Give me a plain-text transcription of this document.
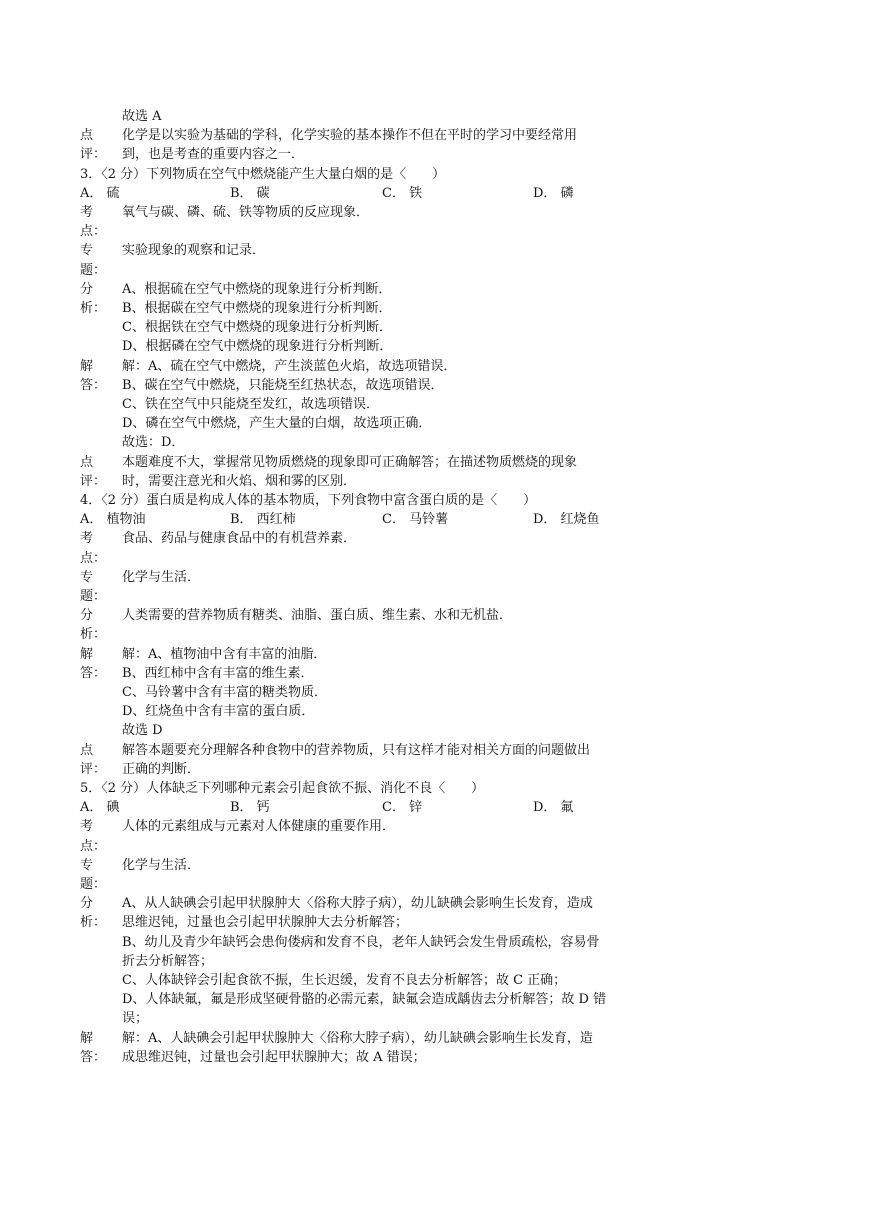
故选 A
点	化学是以实验为基础的学科，化学实验的基本操作不但在平时的学习中要经常用
评：	到，也是考查的重要内容之一．
3．〈2 分）下列物质在空气中燃烧能产生大量白烟的是〈　　）
A． 硫	B． 碳	C． 铁	D． 磷
考	氧气与碳、磷、硫、铁等物质的反应现象．
点：
专	实验现象的观察和记录．
题：
分	A、根据硫在空气中燃烧的现象进行分析判断．
析：	B、根据碳在空气中燃烧的现象进行分析判断．
C、根据铁在空气中燃烧的现象进行分析判断．
D、根据磷在空气中燃烧的现象进行分析判断．
解	解：A、硫在空气中燃烧，产生淡蓝色火焰，故选项错误．
答：	B、碳在空气中燃烧，只能烧至红热状态，故选项错误．
C、铁在空气中只能烧至发红，故选项错误．
D、磷在空气中燃烧，产生大量的白烟，故选项正确．
故选：D．
点	本题难度不大，掌握常见物质燃烧的现象即可正确解答；在描述物质燃烧的现象
评：	时，需要注意光和火焰、烟和雾的区别．
4．〈2 分）蛋白质是构成人体的基本物质，下列食物中富含蛋白质的是〈　　）
A． 植物油	B． 西红柿	C． 马铃薯	D． 红烧鱼
考	食品、药品与健康食品中的有机营养素．
点：
专	化学与生活．
题：
分	人类需要的营养物质有糖类、油脂、蛋白质、维生素、水和无机盐．
析：
解	解：A、植物油中含有丰富的油脂．
答：	B、西红柿中含有丰富的维生素．
C、马铃薯中含有丰富的糖类物质．
D、红烧鱼中含有丰富的蛋白质．
故选 D
点	解答本题要充分理解各种食物中的营养物质，只有这样才能对相关方面的问题做出
评：	正确的判断．
5．〈2 分）人体缺乏下列哪种元素会引起食欲不振、消化不良〈　　）
A． 碘	B． 钙	C． 锌	D． 氟
考	人体的元素组成与元素对人体健康的重要作用．
点：
专	化学与生活．
题：
分	A、从人缺碘会引起甲状腺肿大〈俗称大脖子病），幼儿缺碘会影响生长发育，造成
析：	思维迟钝，过量也会引起甲状腺肿大去分析解答；
B、幼儿及青少年缺钙会患佝偻病和发育不良，老年人缺钙会发生骨质疏松，容易骨
折去分析解答；
C、人体缺锌会引起食欲不振，生长迟缓，发育不良去分析解答；故 C 正确；
D、人体缺氟，氟是形成坚硬骨骼的必需元素，缺氟会造成龋齿去分析解答；故 D 错
误；
解	解：A、人缺碘会引起甲状腺肿大〈俗称大脖子病），幼儿缺碘会影响生长发育，造
答：	成思维迟钝，过量也会引起甲状腺肿大；故 A 错误；
